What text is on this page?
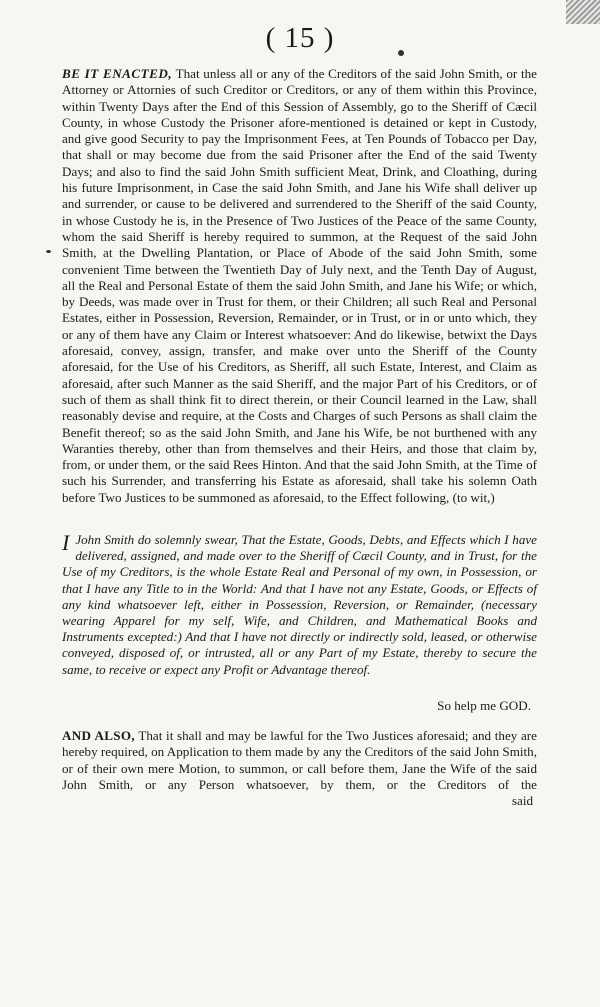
( 15 )

BE IT ENACTED, That unless all or any of the Creditors of the said John Smith, or the Attorney or Attornies of such Creditor or Creditors, or any of them within this Province, within Twenty Days after the End of this Session of Assembly, go to the Sheriff of Cæcil County, in whose Custody the Prisoner afore-mentioned is detained or kept in Custody, and give good Security to pay the Imprisonment Fees, at Ten Pounds of Tobacco per Day, that shall or may become due from the said Prisoner after the End of the said Twenty Days; and also to find the said John Smith sufficient Meat, Drink, and Cloathing, during his future Imprisonment, in Case the said John Smith, and Jane his Wife shall deliver up and surrender, or cause to be delivered and surrendered to the Sheriff of the said County, in whose Custody he is, in the Presence of Two Justices of the Peace of the same County, whom the said Sheriff is hereby required to summon, at the Request of the said John Smith, at the Dwelling Plantation, or Place of Abode of the said John Smith, some convenient Time between the Twentieth Day of July next, and the Tenth Day of August, all the Real and Personal Estate of them the said John Smith, and Jane his Wife; or which, by Deeds, was made over in Trust for them, or their Children; all such Real and Personal Estates, either in Possession, Reversion, Remainder, or in Trust, or in or unto which, they or any of them have any Claim or Interest whatsoever: And do likewise, betwixt the Days aforesaid, convey, assign, transfer, and make over unto the Sheriff of the County aforesaid, for the Use of his Creditors, as Sheriff, all such Estate, Interest, and Claim as aforesaid, after such Manner as the said Sheriff, and the major Part of his Creditors, or of such of them as shall think fit to direct therein, or their Council learned in the Law, shall reasonably devise and require, at the Costs and Charges of such Persons as shall claim the Benefit thereof; so as the said John Smith, and Jane his Wife, be not burthened with any Waranties thereby, other than from themselves and their Heirs, and those that claim by, from, or under them, or the said Rees Hinton. And that the said John Smith, at the Time of such his Surrender, and transferring his Estate as aforesaid, shall take his solemn Oath before Two Justices to be summoned as aforesaid, to the Effect following, (to wit,)

I John Smith do solemnly swear, That the Estate, Goods, Debts, and Effects which I have delivered, assigned, and made over to the Sheriff of Cæcil County, and in Trust, for the Use of my Creditors, is the whole Estate Real and Personal of my own, in Possession, or that I have any Title to in the World: And that I have not any Estate, Goods, or Effects of any kind whatsoever left, either in Possession, Reversion, or Remainder, (necessary wearing Apparel for my self, Wife, and Children, and Mathematical Books and Instruments excepted:) And that I have not directly or indirectly sold, leased, or otherwise conveyed, disposed of, or intrusted, all or any Part of my Estate, thereby to secure the same, to receive or expect any Profit or Advantage thereof.

So help me GOD.

AND ALSO, That it shall and may be lawful for the Two Justices aforesaid; and they are hereby required, on Application to them made by any the Creditors of the said John Smith, or of their own mere Motion, to summon, or call before them, Jane the Wife of the said John Smith, or any Person whatsoever, by them, or the Creditors of the

said
